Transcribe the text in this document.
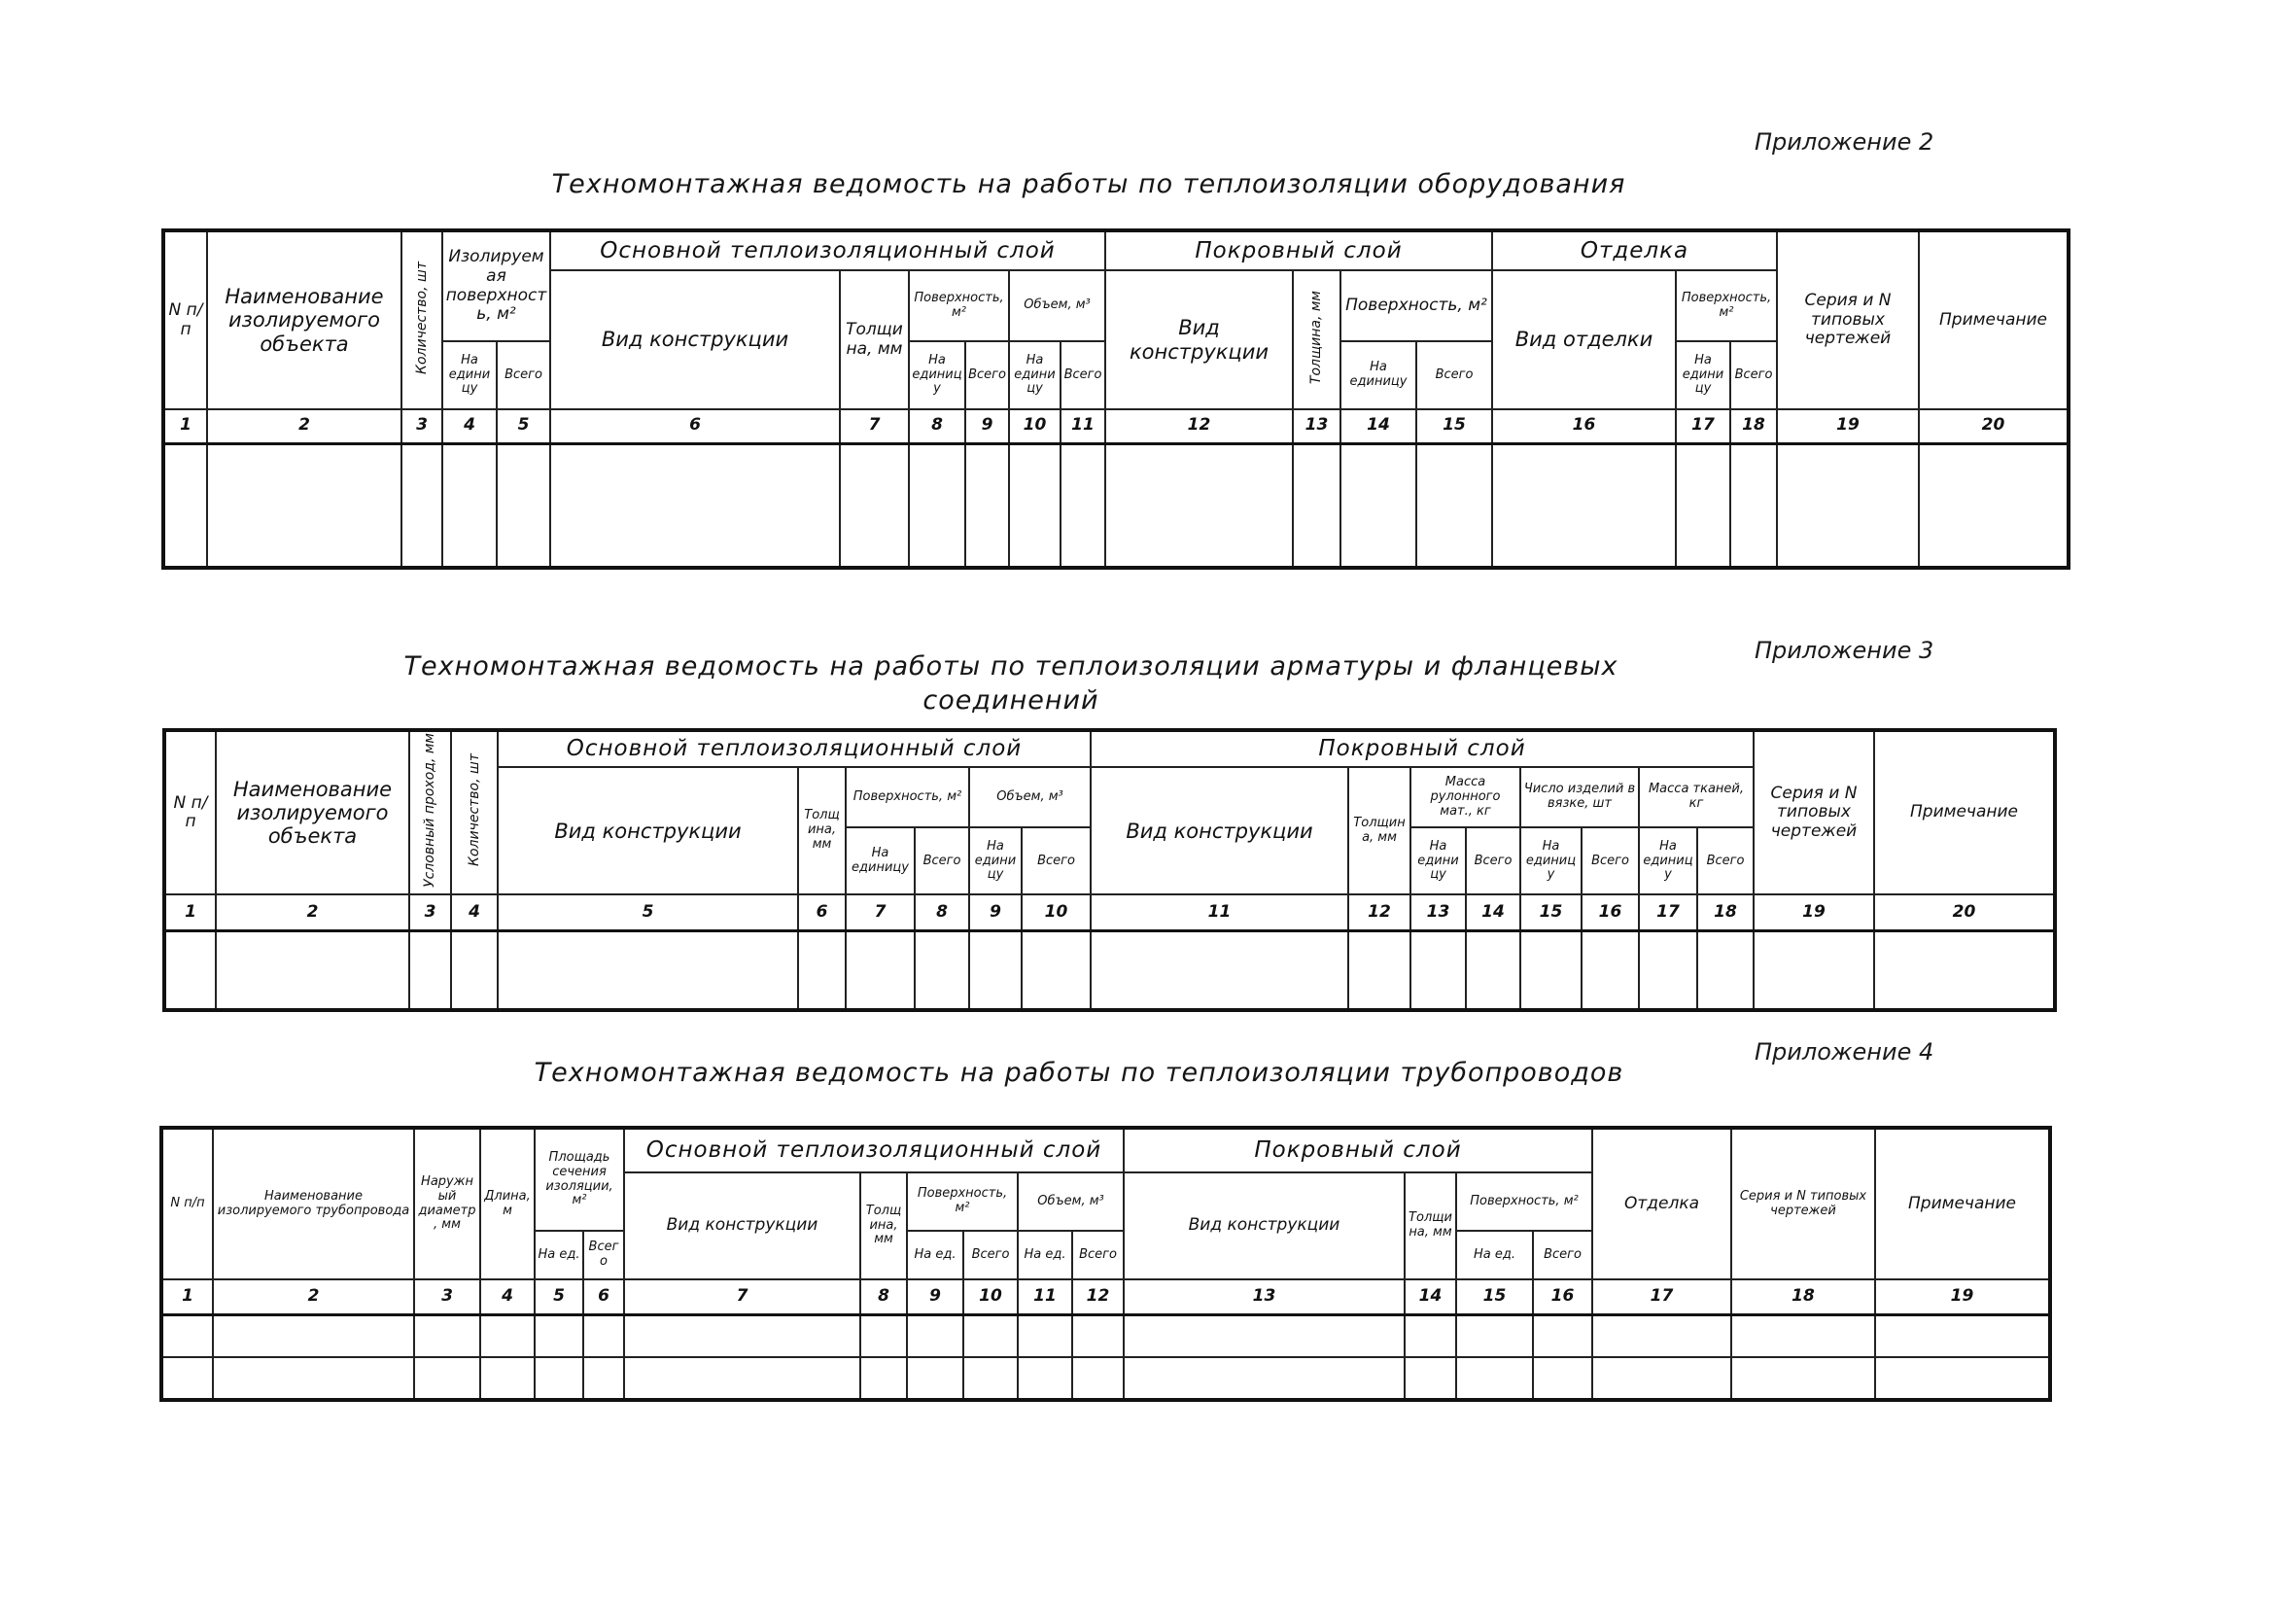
Приложение 2
Техномонтажная ведомость на работы по теплоизоляции оборудования
N п/п	Наименование изолируемого объекта	Количество, шт	Изолируемая поверхность, м²		Основной теплоизоляционный слой						Покровный слой				Отделка			Серия и N типовых чертежей	Примечание
					Вид конструкции	Толщина, мм	Поверхность, м²		Объем, м³		Вид конструкции	Толщина, мм	Поверхность, м²		Вид отделки	Поверхность, м²			
			На единицу	Всего			На единицу	Всего	На единицу	Всего			На единицу	Всего		На единицу	Всего		
1	2	3	4	5	6	7	8	9	10	11	12	13	14	15	16	17	18	19	20

Приложение 3
Техномонтажная ведомость на работы по теплоизоляции арматуры и фланцевых
соединений
N п/п	Наименование изолируемого объекта	Условный проход, мм	Количество, шт	Основной теплоизоляционный слой						Покровный слой								Серия и N типовых чертежей	Примечание
				Вид конструкции	Толщина, мм	Поверхность, м²		Объем, м³		Вид конструкции	Толщина, мм	Масса рулонного мат., кг		Число изделий в вязке, шт		Масса тканей, кг			
						На единицу	Всего	На единицу	Всего			На единицу	Всего	На единицу	Всего	На единицу	Всего		
1	2	3	4	5	6	7	8	9	10	11	12	13	14	15	16	17	18	19	20

Приложение 4
Техномонтажная ведомость на работы по теплоизоляции трубопроводов
N п/п	Наименование изолируемого трубопровода	Наружный диаметр, мм	Длина, м	Площадь сечения изоляции, м²		Основной теплоизоляционный слой						Покровный слой				Отделка	Серия и N типовых чертежей	Примечание
						Вид конструкции	Толщина, мм	Поверхность, м²		Объем, м³		Вид конструкции	Толщина, мм	Поверхность, м²				
				На ед.	Всего			На ед.	Всего	На ед.	Всего			На ед.	Всего			
1	2	3	4	5	6	7	8	9	10	11	12	13	14	15	16	17	18	19
